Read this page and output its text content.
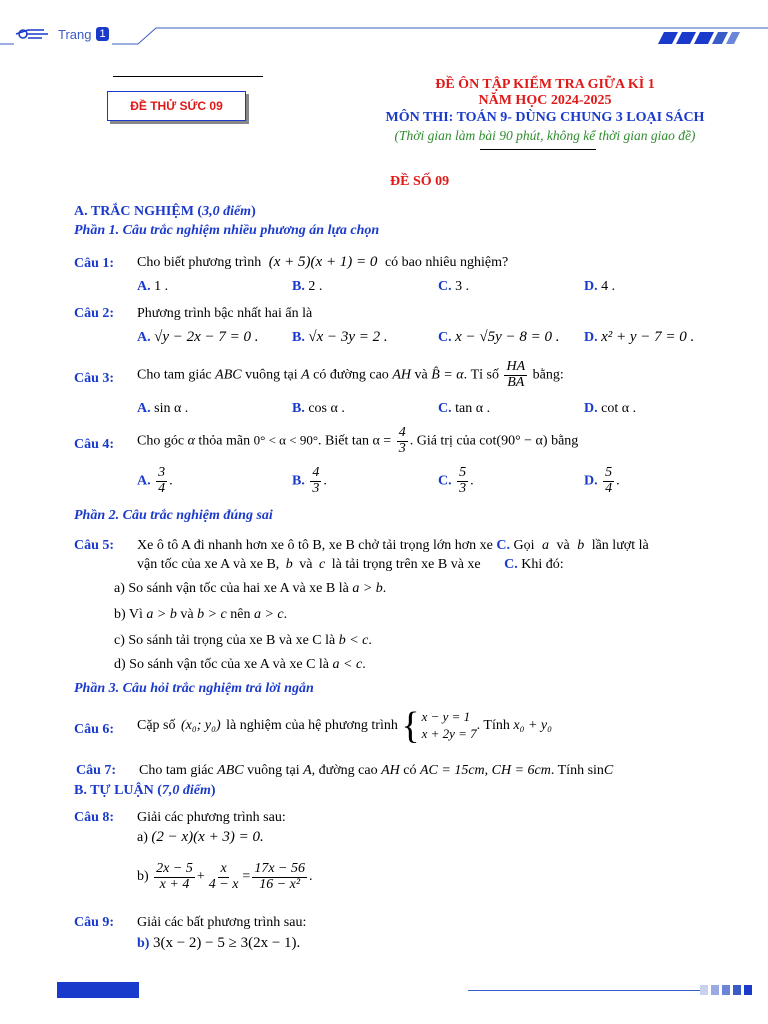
Trang 1
ĐỀ THỬ SỨC 09
ĐỀ ÔN TẬP KIỂM TRA GIỮA KÌ 1
NĂM HỌC 2024-2025
MÔN THI: TOÁN 9- DÙNG CHUNG 3 LOẠI SÁCH
(Thời gian làm bài 90 phút, không kể thời gian giao đề)
ĐỀ SỐ 09
A. TRẮC NGHIỆM (3,0 điểm)
Phần 1. Câu trắc nghiệm nhiều phương án lựa chọn
Câu 1: Cho biết phương trình (x + 5)(x + 1) = 0 có bao nhiêu nghiệm?
A. 1 .	B. 2 .	C. 3 .	D. 4 .
Câu 2: Phương trình bậc nhất hai ẩn là
A. √y − 2x − 7 = 0 . B. √x − 3y = 2 .	C. x − √5y − 8 = 0 . D. x² + y − 7 = 0 .
Câu 3: Cho tam giác ABC vuông tại A có đường cao AH và B̂ = α. Tỉ số $\frac{HA}{BA}$ bằng:
A. sin α .	B. cos α .	C. tan α .	D. cot α .
Câu 4: Cho góc α thỏa mãn 0° < α < 90°. Biết $\tan \alpha = \frac{4}{3}$ . Giá trị của cot(90° − α) bằng
A. $\frac{3}{4}$ .	B. $\frac{4}{3}$ .	C. $\frac{5}{3}$ .	D. $\frac{5}{4}$ .
Phần 2. Câu trắc nghiệm đúng sai
Câu 5: Xe ô tô A đi nhanh hơn xe ô tô B, xe B chở tải trọng lớn hơn xe C. Gọi a và b lần lượt là
vận tốc của xe A và xe B, b và c là tải trọng trên xe B và xe C. Khi đó:
a) So sánh vận tốc của hai xe A và xe B là a > b.
b) Vì a > b và b > c nên a > c.
c) So sánh tải trọng của xe B và xe C là b < c.
d) So sánh vận tốc của xe A và xe C là a < c.
Phần 3. Câu hỏi trắc nghiệm trả lời ngắn
Câu 6: Cặp số (x₀; y₀) là nghiệm của hệ phương trình { x − y = 1
x + 2y = 7
. Tính x₀ + y₀
Câu 7: Cho tam giác ABC vuông tại A, đường cao AH có AC = 15cm, CH = 6cm. Tính sinC
B. TỰ LUẬN (7,0 điểm)
Câu 8: Giải các phương trình sau:
a) (2 − x)(x + 3) = 0.
$b) \frac{2x - 5}{x + 4} + \frac{x}{4 - x} = \frac{17x - 56}{\text{16 − x²}}$ .
Câu 9: Giải các bất phương trình sau:
b) 3(x − 2) − 5 ≥ 3(2x − 1).
